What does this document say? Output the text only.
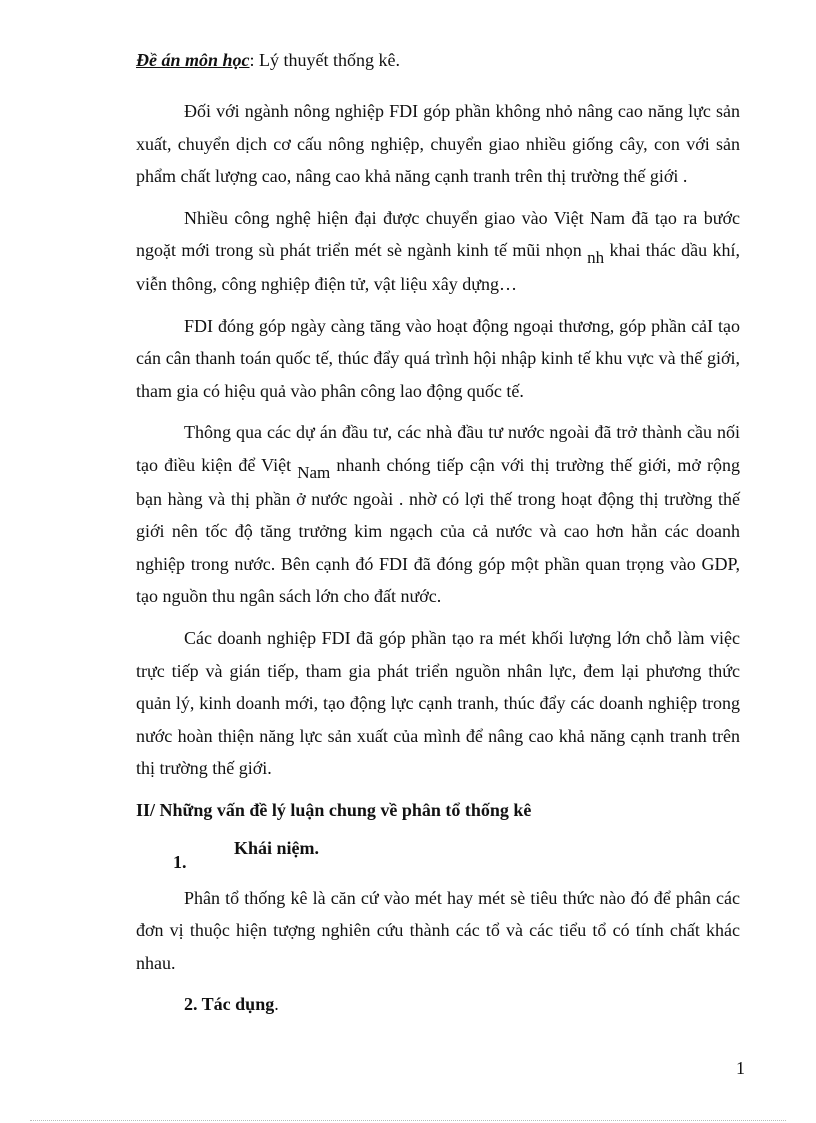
Đề án môn học: Lý thuyết thống kê.

Đối với ngành nông nghiệp FDI góp phần không nhỏ nâng cao năng lực sản xuất, chuyển dịch cơ cấu nông nghiệp, chuyển giao nhiều giống cây, con với sản phẩm chất lượng cao, nâng cao khả năng cạnh tranh trên thị trường thế giới .

Nhiều công nghệ hiện đại được chuyển giao vào Việt Nam đã tạo ra bước ngoặt mới trong sù phát triển mét sè ngành kinh tế mũi nhọn nh khai thác dầu khí, viễn thông, công nghiệp điện tử, vật liệu xây dựng…

FDI đóng góp ngày càng tăng vào hoạt động ngoại thương, góp phần cảI tạo cán cân thanh toán quốc tế, thúc đẩy quá trình hội nhập kinh tế khu vực và thế giới, tham gia có hiệu quả vào phân công lao động quốc tế.

Thông qua các dự án đầu tư, các nhà đầu tư nước ngoài đã trở thành cầu nối tạo điều kiện để Việt Nam nhanh chóng tiếp cận với thị trường thế giới, mở rộng bạn hàng và thị phần ở nước ngoài . nhờ có lợi thế trong hoạt động thị trường thế giới nên tốc độ tăng trưởng kim ngạch của cả nước và cao hơn hẳn các doanh nghiệp trong nước. Bên cạnh đó FDI đã đóng góp một phần quan trọng vào GDP, tạo nguồn thu ngân sách lớn cho đất nước.

Các doanh nghiệp FDI đã góp phần tạo ra mét khối lượng lớn chỗ làm việc trực tiếp và gián tiếp, tham gia phát triển nguồn nhân lực, đem lại phương thức quản lý, kinh doanh mới, tạo động lực cạnh tranh, thúc đẩy các doanh nghiệp trong nước hoàn thiện năng lực sản xuất của mình để nâng cao khả năng cạnh tranh trên thị trường thế giới.

II/ Những vấn đề lý luận chung về phân tổ thống kê
1.
Khái niệm.

Phân tổ thống kê là căn cứ vào mét hay mét sè tiêu thức nào đó để phân các đơn vị thuộc hiện tượng nghiên cứu thành các tổ và các tiểu tổ có tính chất khác nhau.

2. Tác dụng.
1
